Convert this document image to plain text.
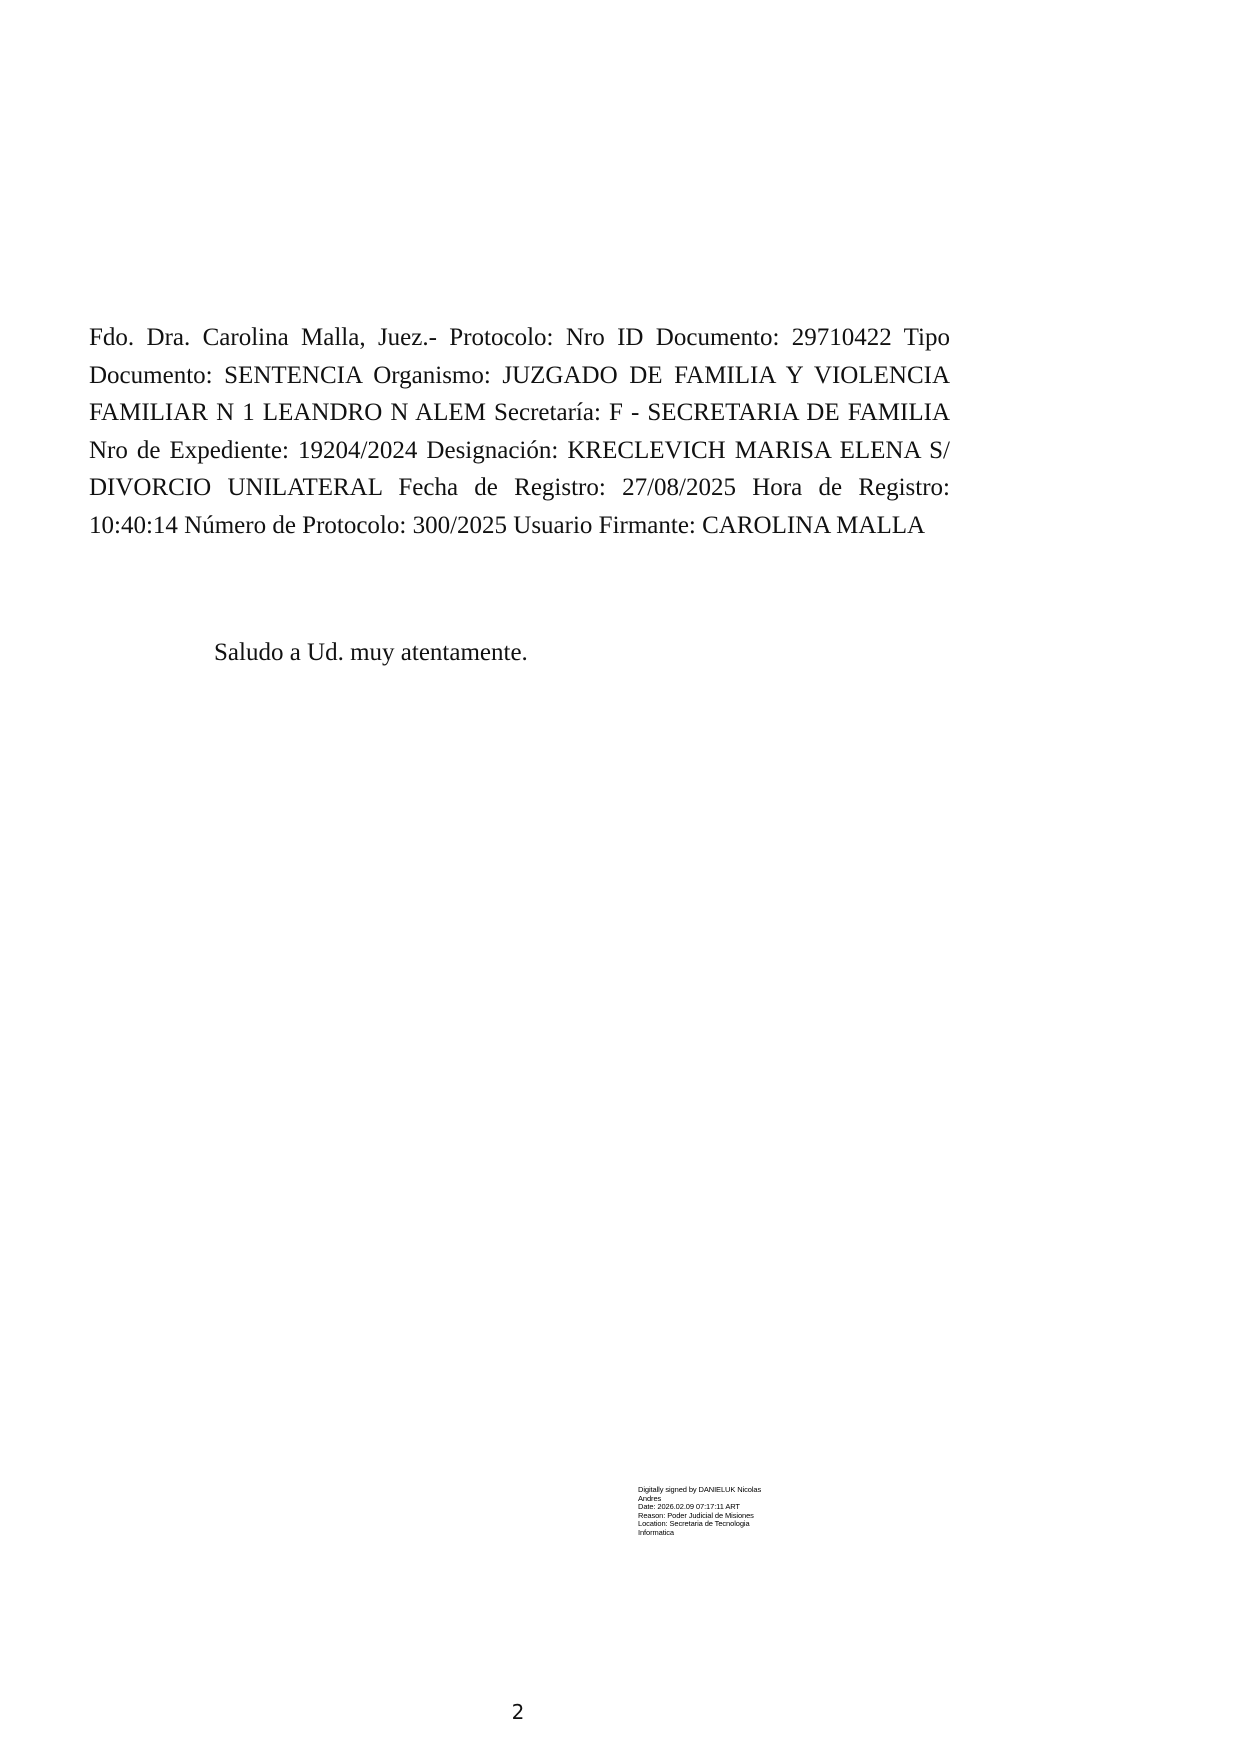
Fdo. Dra. Carolina Malla, Juez.- Protocolo: Nro ID Documento: 29710422 Tipo Documento: SENTENCIA Organismo: JUZGADO DE FAMILIA Y VIOLENCIA FAMILIAR N 1 LEANDRO N ALEM Secretaría: F - SECRETARIA DE FAMILIA Nro de Expediente: 19204/2024 Designación: KRECLEVICH MARISA ELENA S/ DIVORCIO UNILATERAL Fecha de Registro: 27/08/2025 Hora de Registro: 10:40:14 Número de Protocolo: 300/2025 Usuario Firmante: CAROLINA MALLA

Saludo a Ud. muy atentamente.

Digitally signed by DANIELUK Nicolas
Andres
Date: 2026.02.09 07:17:11 ART
Reason: Poder Judicial de Misiones
Location: Secretaria de Tecnologia
Informatica
2
